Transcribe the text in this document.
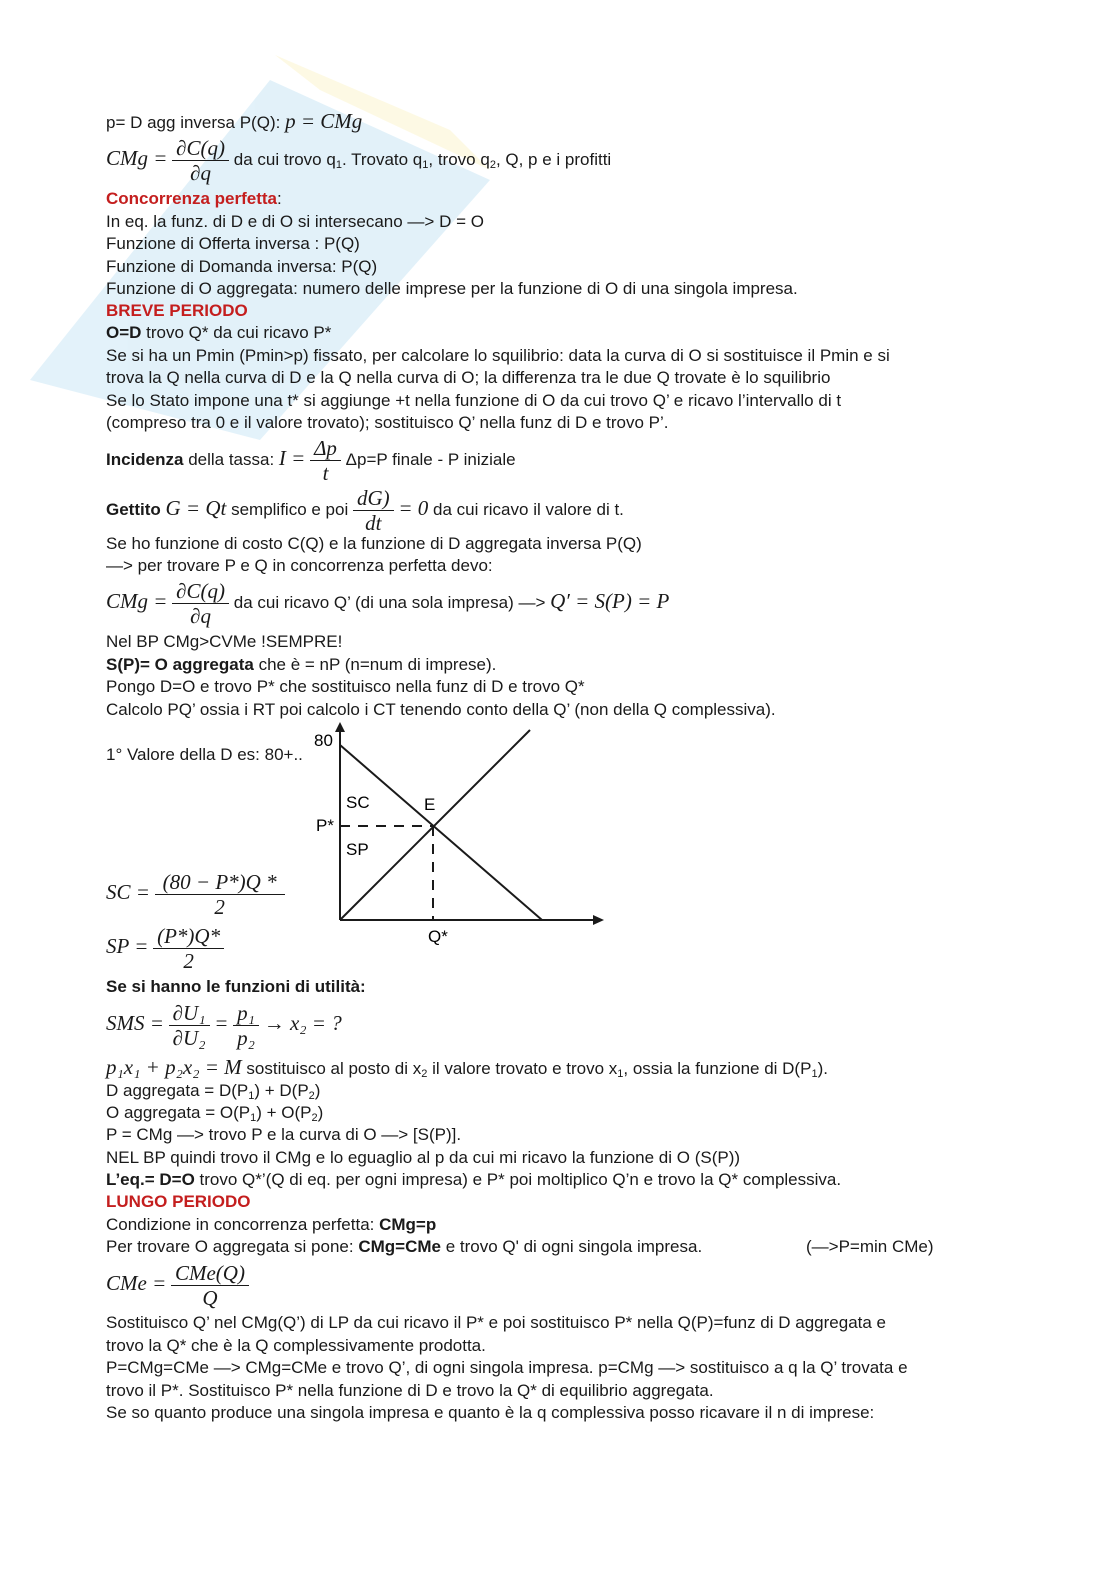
p= D agg inversa P(Q): p = CMg
CMg = $\frac{\partial C(q)}{\partial q}$ da cui trovo $q_1$. Trovato $q_1$, trovo $q_2$, Q, p e i profitti
Concorrenza perfetta:
In eq. la funz. di D e di O si intersecano —> D = O
Funzione di Offerta inversa : P(Q)
Funzione di Domanda inversa: P(Q)
Funzione di O aggregata: numero delle imprese per la funzione di O di una singola impresa.
BREVE PERIODO
O=D trovo Q* da cui ricavo P*
Se si ha un Pmin (Pmin>p) fissato, per calcolare lo squilibrio: data la curva di O si sostituisce il Pmin e si
trova la Q nella curva di D e la Q nella curva di O; la differenza tra le due Q trovate è lo squilibrio
Se lo Stato impone una t* si aggiunge +t nella funzione di O da cui trovo Q’ e ricavo l’intervallo di t
(compreso tra 0 e il valore trovato); sostituisco Q’ nella funz di D e trovo P’.
Incidenza della tassa: $I = \frac{\Delta p}{t} \Delta p=P$ finale - P iniziale
Gettito G = Qt semplifico e poi $\frac{dG)}{dt} = 0$ da cui ricavo il valore di t.
Se ho funzione di costo C(Q) e la funzione di D aggregata inversa P(Q)
—> per trovare P e Q in concorrenza perfetta devo:
CMg = $\frac{\partial C(q)}{\partial q}$ da cui ricavo Q’ (di una sola impresa) —> Q′ = S(P) = P
Nel BP CMg>CVMe !SEMPRE!
S(P)= O aggregata che è = nP (n=num di imprese).
Pongo D=O e trovo P* che sostituisco nella funz di D e trovo Q*
Calcolo PQ’ ossia i RT poi calcolo i CT tenendo conto della Q’ (non della Q complessiva).
1° Valore della D es: 80+..
80
P*
SC
SP
E
Q*
SC = $\frac{(80 - P*)Q *}{2}$
SP = $\frac{(P*)Q*}{2}$
Se si hanno le funzioni di utilità:
SMS = $\frac{\text{∂U₁}}{\text{∂U₂}} = \frac{\text{p₁}}{\text{p₂}} \to x_2$ = ?
p₁x₁ + p₂x₂ = M sostituisco al posto di $x_2$ il valore trovato e trovo $x_1$, ossia la funzione di $D(P_1)$.
D aggregata = $D(P_1) + D(P_2)$
O aggregata = $O(P_1) + O(P_2)$
P = CMg —> trovo P e la curva di O —> [S(P)].
NEL BP quindi trovo il CMg e lo eguaglio al p da cui mi ricavo la funzione di O (S(P))
L’eq.= D=O trovo Q*’(Q di eq. per ogni impresa) e P* poi moltiplico Q’n e trovo la Q* complessiva.
LUNGO PERIODO
Condizione in concorrenza perfetta: CMg=p
Per trovare O aggregata si pone: CMg=CMe e trovo Q' di ogni singola impresa.	(—>P=min CMe)
CMe = $\frac{\text{CMe(Q)}}{Q}$
Sostituisco Q’ nel CMg(Q’) di LP da cui ricavo il P* e poi sostituisco P* nella Q(P)=funz di D aggregata e
trovo la Q* che è la Q complessivamente prodotta.
P=CMg=CMe —> CMg=CMe e trovo Q’, di ogni singola impresa. p=CMg —> sostituisco a q la Q’ trovata e
trovo il P*. Sostituisco P* nella funzione di D e trovo la Q* di equilibrio aggregata.
Se so quanto produce una singola impresa e quanto è la q complessiva posso ricavare il n di imprese:
